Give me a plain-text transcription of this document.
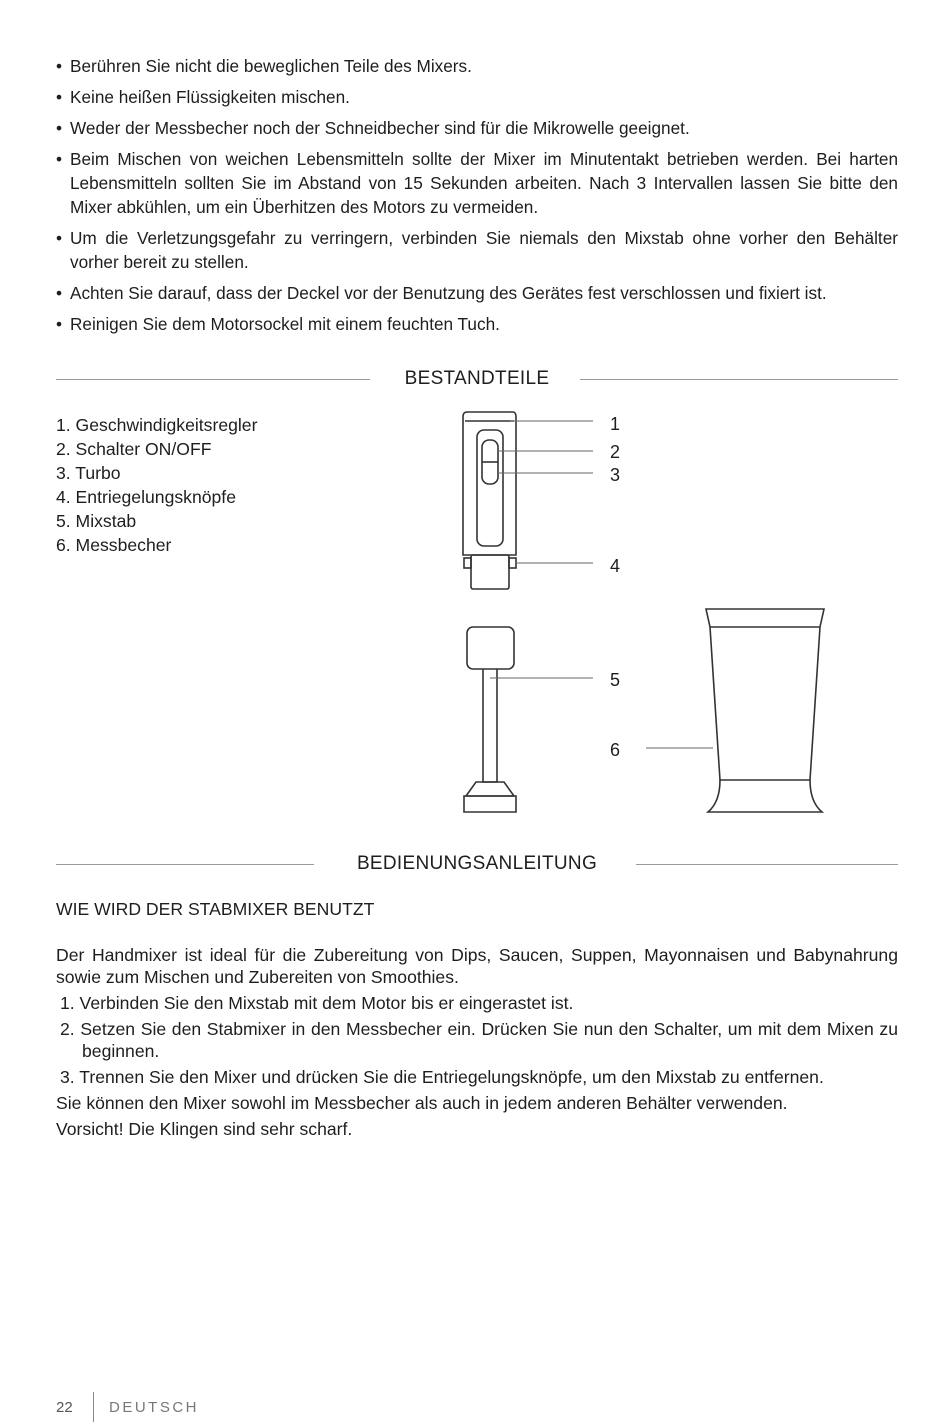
• Berühren Sie nicht die beweglichen Teile des Mixers.
• Keine heißen Flüssigkeiten mischen.
• Weder der Messbecher noch der Schneidbecher sind für die Mikrowelle geeignet.
• Beim Mischen von weichen Lebensmitteln sollte der Mixer im Minutentakt betrieben werden. Bei harten Lebensmitteln sollten Sie im Abstand von 15 Sekunden arbeiten. Nach 3 Intervallen lassen Sie bitte den Mixer abkühlen, um ein Überhitzen des Motors zu vermeiden.
• Um die Verletzungsgefahr zu verringern, verbinden Sie niemals den Mixstab ohne vorher den Behälter vorher bereit zu stellen.
• Achten Sie darauf, dass der Deckel vor der Benutzung des Gerätes fest verschlossen und fixiert ist.
• Reinigen Sie dem Motorsockel mit einem feuchten Tuch.
BESTANDTEILE
1. Geschwindigkeitsregler
2. Schalter ON/OFF
3. Turbo
4. Entriegelungsknöpfe
5. Mixstab
6. Messbecher
1
2
3
4
5
6
BEDIENUNGSANLEITUNG

WIE WIRD DER STABMIXER BENUTZT

Der Handmixer ist ideal für die Zubereitung von Dips, Saucen, Suppen, Mayonnaisen und Babynahrung sowie zum Mischen und Zubereiten von Smoothies.

1. Verbinden Sie den Mixstab mit dem Motor bis er eingerastet ist.

2. Setzen Sie den Stabmixer in den Messbecher ein. Drücken Sie nun den Schalter, um mit dem Mixen zu beginnen.

3. Trennen Sie den Mixer und drücken Sie die Entriegelungsknöpfe, um den Mixstab zu entfernen.

Sie können den Mixer sowohl im Messbecher als auch in jedem anderen Behälter verwenden.

Vorsicht! Die Klingen sind sehr scharf.

22 DEUTSCH
